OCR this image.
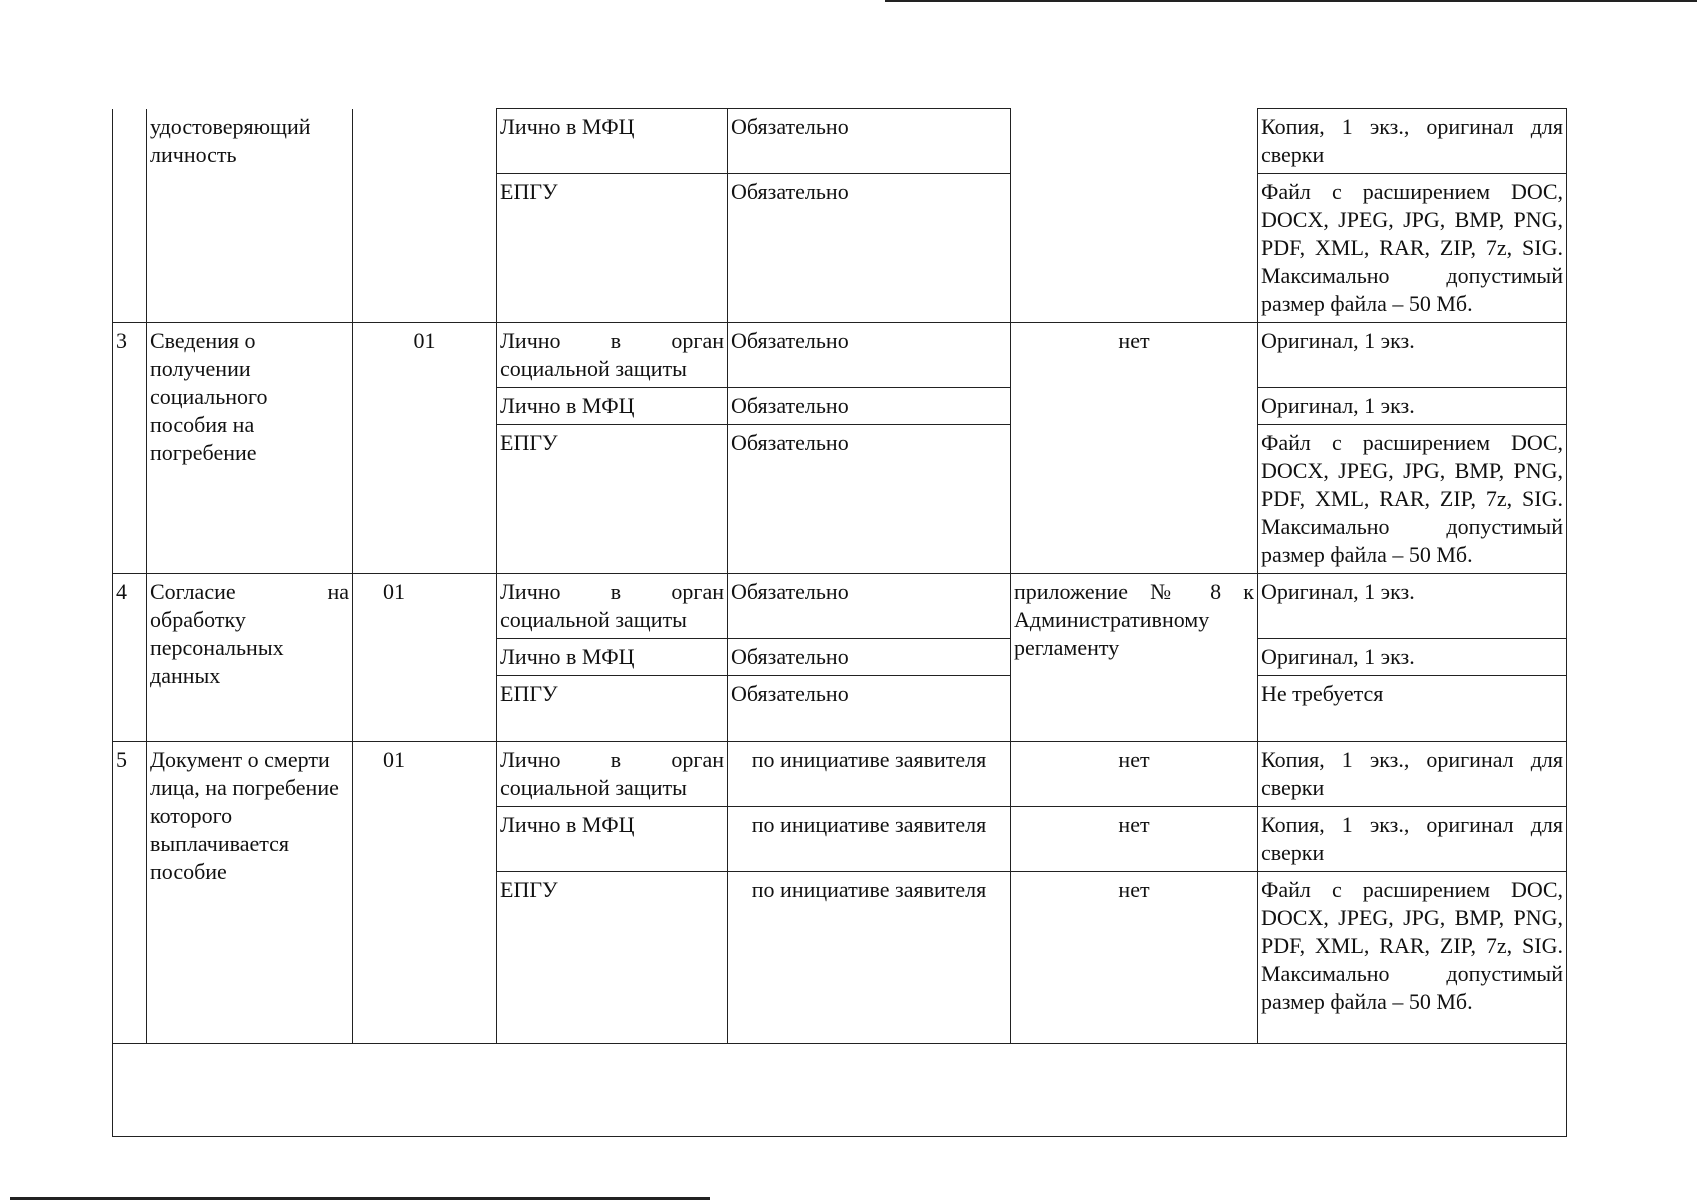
	удостоверяющий личность		Лично в МФЦ	Обязательно		Копия, 1 экз., оригинал для сверки
			ЕПГУ	Обязательно		Файл с расширением DOC, DOCX, JPEG, JPG, BMP, PNG, PDF, XML, RAR, ZIP, 7z, SIG. Максимально допустимый размер файла – 50 Мб.
3	Сведения о получении социального пособия на погребение	01	Лично в орган социальной защиты	Обязательно	нет	Оригинал, 1 экз.
			Лично в МФЦ	Обязательно		Оригинал, 1 экз.
			ЕПГУ	Обязательно		Файл с расширением DOC, DOCX, JPEG, JPG, BMP, PNG, PDF, XML, RAR, ZIP, 7z, SIG. Максимально допустимый размер файла – 50 Мб.
4	Согласие на обработку персональных данных	01	Лично в орган социальной защиты	Обязательно	приложение № 8 к Административному регламенту	Оригинал, 1 экз.
			Лично в МФЦ	Обязательно		Оригинал, 1 экз.
			ЕПГУ	Обязательно		Не требуется
5	Документ о смерти лица, на погребение которого выплачивается пособие	01	Лично в орган социальной защиты	по инициативе заявителя	нет	Копия, 1 экз., оригинал для сверки
			Лично в МФЦ	по инициативе заявителя	нет	Копия, 1 экз., оригинал для сверки
			ЕПГУ	по инициативе заявителя	нет	Файл с расширением DOC, DOCX, JPEG, JPG, BMP, PNG, PDF, XML, RAR, ZIP, 7z, SIG. Максимально допустимый размер файла – 50 Мб.
